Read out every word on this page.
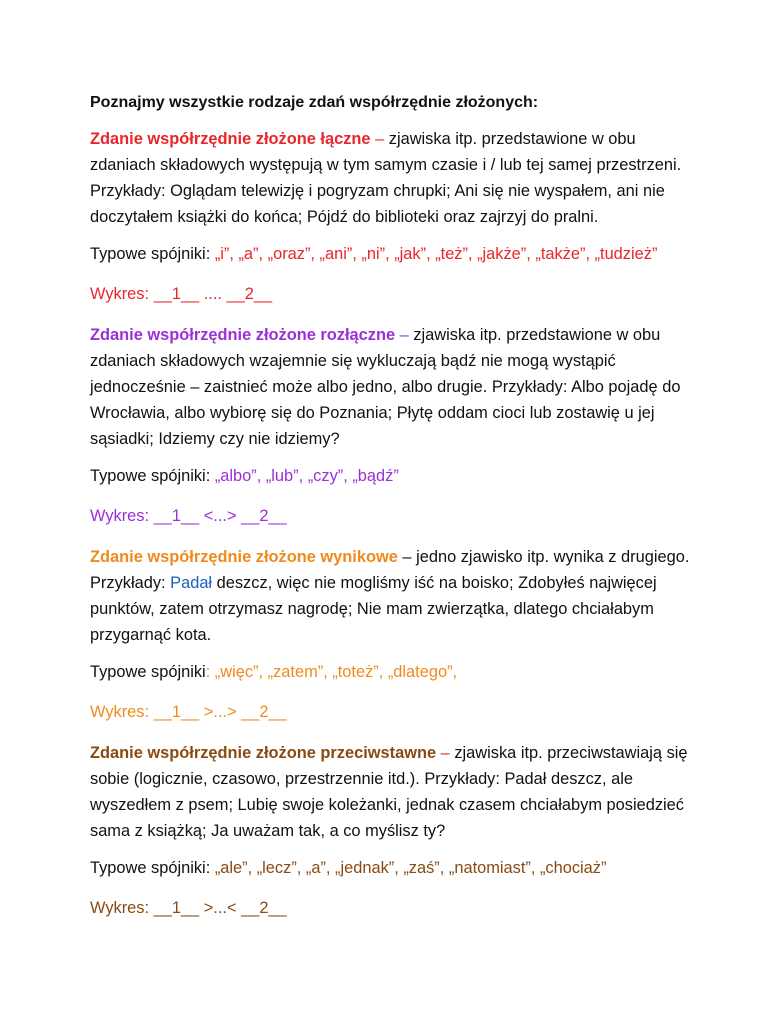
Poznajmy wszystkie rodzaje zdań współrzędnie złożonych:

Zdanie współrzędnie złożone łączne – zjawiska itp. przedstawione w obu zdaniach składowych występują w tym samym czasie i / lub tej samej przestrzeni. Przykłady: Oglądam telewizję i pogryzam chrupki; Ani się nie wyspałem, ani nie doczytałem książki do końca; Pójdź do biblioteki oraz zajrzyj do pralni.

Typowe spójniki: „i”, „a”, „oraz”, „ani”, „ni”, „jak”, „też”, „jakże”, „także”, „tudzież”

Wykres: __1__ .... __2__

Zdanie współrzędnie złożone rozłączne – zjawiska itp. przedstawione w obu zdaniach składowych wzajemnie się wykluczają bądź nie mogą wystąpić jednocześnie – zaistnieć może albo jedno, albo drugie. Przykłady: Albo pojadę do Wrocławia, albo wybiorę się do Poznania; Płytę oddam cioci lub zostawię u jej sąsiadki; Idziemy czy nie idziemy?

Typowe spójniki: „albo”, „lub”, „czy”, „bądź”

Wykres: __1__ <...> __2__

Zdanie współrzędnie złożone wynikowe – jedno zjawisko itp. wynika z drugiego. Przykłady: Padał deszcz, więc nie mogliśmy iść na boisko; Zdobyłeś najwięcej punktów, zatem otrzymasz nagrodę; Nie mam zwierzątka, dlatego chciałabym przygarnąć kota.

Typowe spójniki: „więc”, „zatem”, „toteż”, „dlatego”,

Wykres: __1__ >...> __2__

Zdanie współrzędnie złożone przeciwstawne – zjawiska itp. przeciwstawiają się sobie (logicznie, czasowo, przestrzennie itd.). Przykłady: Padał deszcz, ale wyszedłem z psem; Lubię swoje koleżanki, jednak czasem chciałabym posiedzieć sama z książką; Ja uważam tak, a co myślisz ty?

Typowe spójniki: „ale”, „lecz”, „a”, „jednak”, „zaś”, „natomiast”, „chociaż”

Wykres: __1__ >...< __2__
